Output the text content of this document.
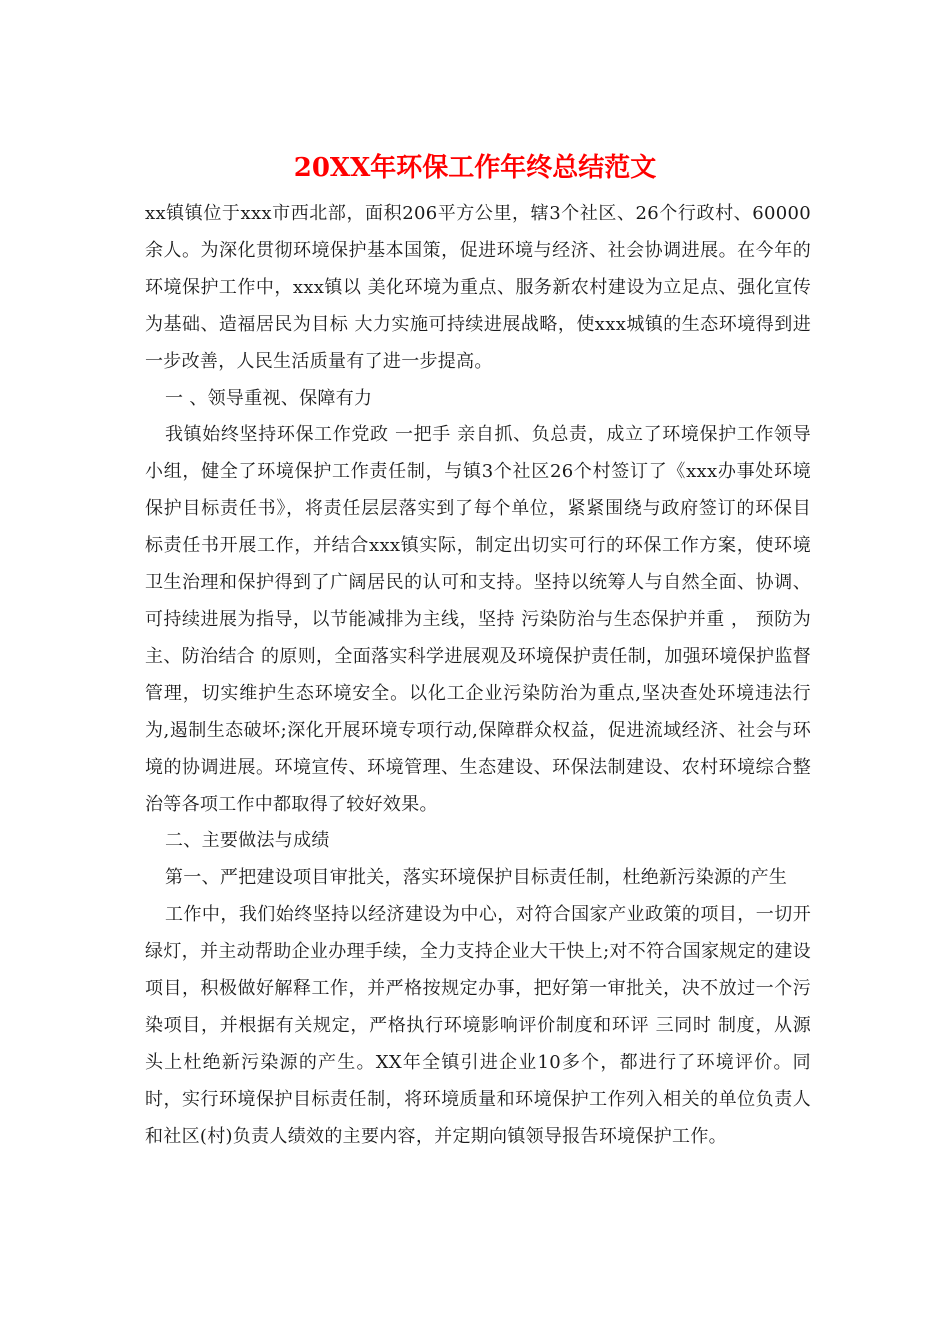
20XX年环保工作年终总结范文

xx镇镇位于xxx市西北部，面积206平方公里，辖3个社区、26个行政村、60000余人。为深化贯彻环境保护基本国策，促进环境与经济、社会协调进展。在今年的环境保护工作中，xxx镇以 美化环境为重点、服务新农村建设为立足点、强化宣传为基础、造福居民为目标 大力实施可持续进展战略，使xxx城镇的生态环境得到进一步改善，人民生活质量有了进一步提高。

一 、领导重视、保障有力

我镇始终坚持环保工作党政 一把手 亲自抓、负总责，成立了环境保护工作领导小组，健全了环境保护工作责任制，与镇3个社区26个村签订了《xxx办事处环境保护目标责任书》，将责任层层落实到了每个单位，紧紧围绕与政府签订的环保目标责任书开展工作，并结合xxx镇实际，制定出切实可行的环保工作方案，使环境卫生治理和保护得到了广阔居民的认可和支持。坚持以统筹人与自然全面、协调、可持续进展为指导，以节能减排为主线，坚持 污染防治与生态保护并重 ， 预防为主、防治结合 的原则，全面落实科学进展观及环境保护责任制，加强环境保护监督管理，切实维护生态环境安全。以化工企业污染防治为重点,坚决查处环境违法行为,遏制生态破坏;深化开展环境专项行动,保障群众权益，促进流域经济、社会与环境的协调进展。环境宣传、环境管理、生态建设、环保法制建设、农村环境综合整治等各项工作中都取得了较好效果。

二、主要做法与成绩

第一、严把建设项目审批关，落实环境保护目标责任制，杜绝新污染源的产生

工作中，我们始终坚持以经济建设为中心，对符合国家产业政策的项目，一切开绿灯，并主动帮助企业办理手续，全力支持企业大干快上;对不符合国家规定的建设项目，积极做好解释工作，并严格按规定办事，把好第一审批关，决不放过一个污染项目，并根据有关规定，严格执行环境影响评价制度和环评 三同时 制度，从源头上杜绝新污染源的产生。XX年全镇引进企业10多个，都进行了环境评价。同时，实行环境保护目标责任制，将环境质量和环境保护工作列入相关的单位负责人和社区(村)负责人绩效的主要内容，并定期向镇领导报告环境保护工作。
